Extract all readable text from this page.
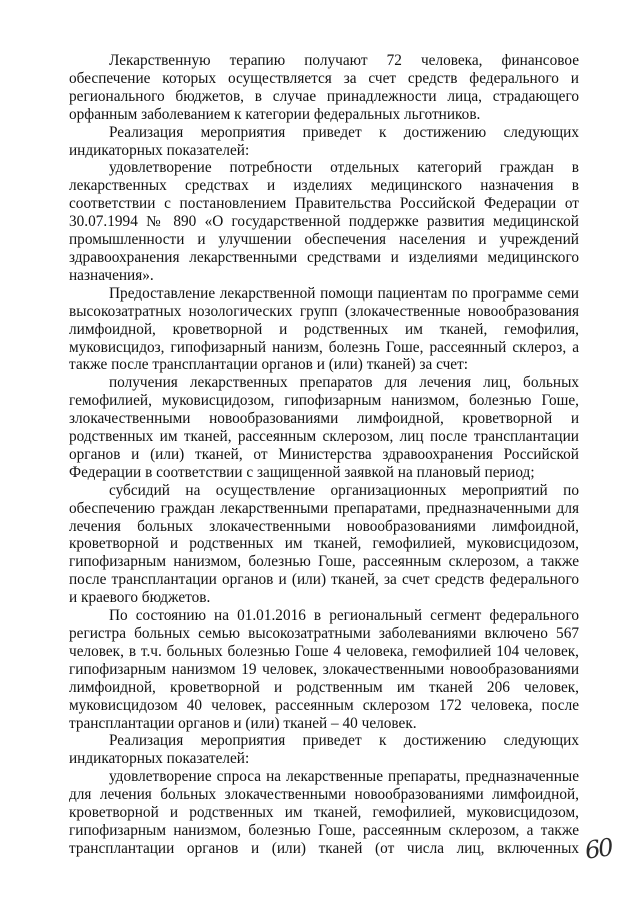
Лекарственную терапию получают 72 человека, финансовое обеспечение которых осуществляется за счет средств федерального и регионального бюджетов, в случае принадлежности лица, страдающего орфанным заболеванием к категории федеральных льготников.

Реализация мероприятия приведет к достижению следующих индикаторных показателей:

удовлетворение потребности отдельных категорий граждан в лекарственных средствах и изделиях медицинского назначения в соответствии с постановлением Правительства Российской Федерации от 30.07.1994 № 890 «О государственной поддержке развития медицинской промышленности и улучшении обеспечения населения и учреждений здравоохранения лекарственными средствами и изделиями медицинского назначения».

Предоставление лекарственной помощи пациентам по программе семи высокозатратных нозологических групп (злокачественные новообразования лимфоидной, кроветворной и родственных им тканей, гемофилия, муковисцидоз, гипофизарный нанизм, болезнь Гоше, рассеянный склероз, а также после трансплантации органов и (или) тканей) за счет:

получения лекарственных препаратов для лечения лиц, больных гемофилией, муковисцидозом, гипофизарным нанизмом, болезнью Гоше, злокачественными новообразованиями лимфоидной, кроветворной и родственных им тканей, рассеянным склерозом, лиц после трансплантации органов и (или) тканей, от Министерства здравоохранения Российской Федерации в соответствии с защищенной заявкой на плановый период;

субсидий на осуществление организационных мероприятий по обеспечению граждан лекарственными препаратами, предназначенными для лечения больных злокачественными новообразованиями лимфоидной, кроветворной и родственных им тканей, гемофилией, муковисцидозом, гипофизарным нанизмом, болезнью Гоше, рассеянным склерозом, а также после трансплантации органов и (или) тканей, за счет средств федерального и краевого бюджетов.

По состоянию на 01.01.2016 в региональный сегмент федерального регистра больных семью высокозатратными заболеваниями включено 567 человек, в т.ч. больных болезнью Гоше 4 человека, гемофилией 104 человек, гипофизарным нанизмом 19 человек, злокачественными новообразованиями лимфоидной, кроветворной и родственным им тканей 206 человек, муковисцидозом 40 человек, рассеянным склерозом 172 человека, после трансплантации органов и (или) тканей – 40 человек.

Реализация мероприятия приведет к достижению следующих индикаторных показателей:

удовлетворение спроса на лекарственные препараты, предназначенные для лечения больных злокачественными новообразованиями лимфоидной, кроветворной и родственных им тканей, гемофилией, муковисцидозом, гипофизарным нанизмом, болезнью Гоше, рассеянным склерозом, а также трансплантации органов и (или) тканей (от числа лиц, включенных 60
